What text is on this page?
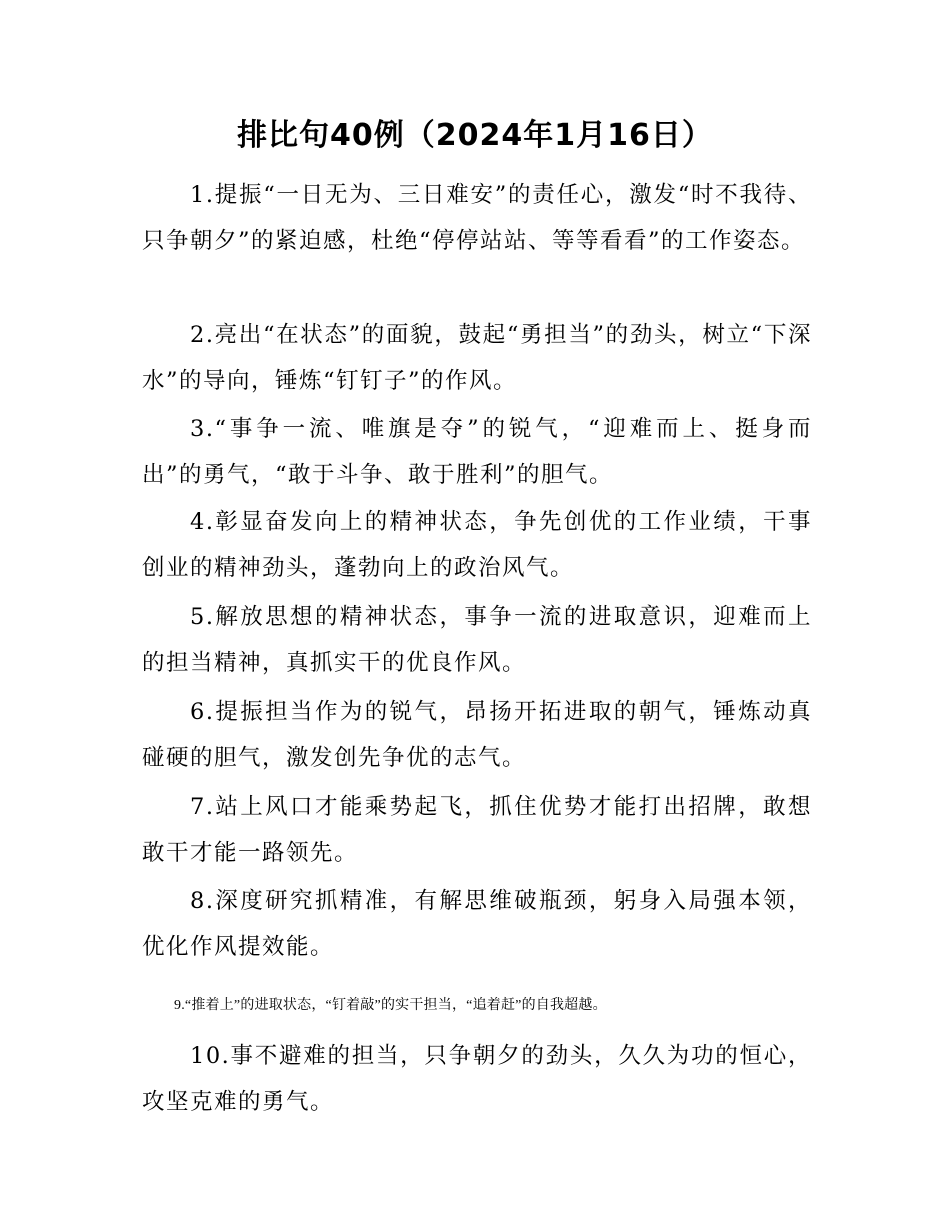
排比句40例（2024年1月16日）
1.提振“一日无为、三日难安”的责任心，激发“时不我待、只争朝夕”的紧迫感，杜绝“停停站站、等等看看”的工作姿态。
2.亮出“在状态”的面貌，鼓起“勇担当”的劲头，树立“下深水”的导向，锤炼“钉钉子”的作风。
3.“事争一流、唯旗是夺”的锐气，“迎难而上、挺身而出”的勇气，“敢于斗争、敢于胜利”的胆气。
4.彰显奋发向上的精神状态，争先创优的工作业绩，干事创业的精神劲头，蓬勃向上的政治风气。
5.解放思想的精神状态，事争一流的进取意识，迎难而上的担当精神，真抓实干的优良作风。
6.提振担当作为的锐气，昂扬开拓进取的朝气，锤炼动真碰硬的胆气，激发创先争优的志气。
7.站上风口才能乘势起飞，抓住优势才能打出招牌，敢想敢干才能一路领先。
8.深度研究抓精准，有解思维破瓶颈，躬身入局强本领，优化作风提效能。
9.“推着上”的进取状态，“钉着敲”的实干担当，“追着赶”的自我超越。
10.事不避难的担当，只争朝夕的劲头，久久为功的恒心，攻坚克难的勇气。
